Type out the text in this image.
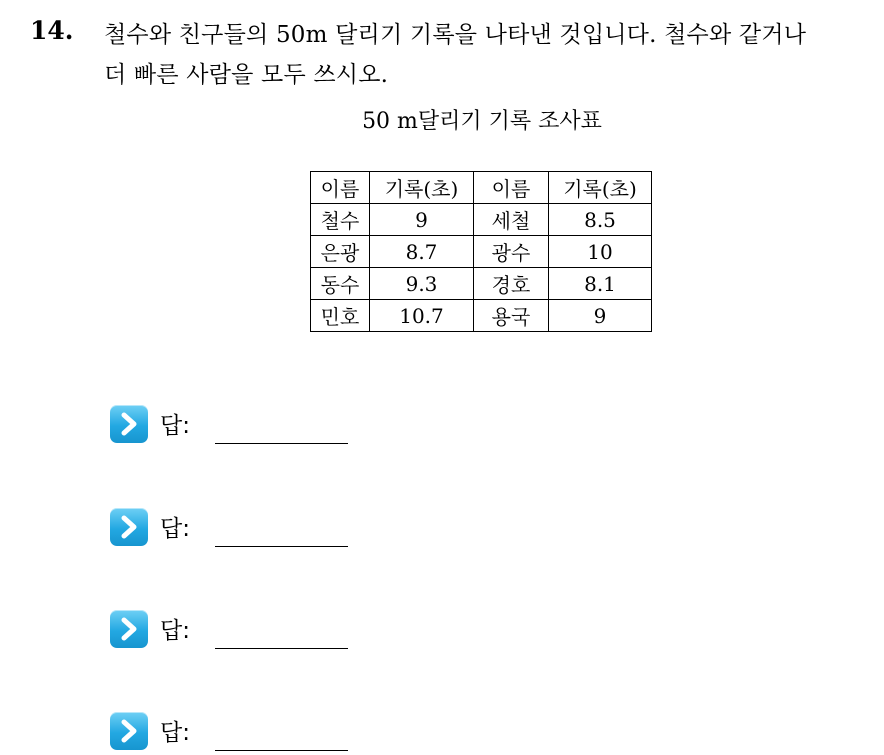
14. 철수와 친구들의 50m 달리기 기록을 나타낸 것입니다. 철수와 같거나
더 빠른 사람을 모두 쓰시오.
50 m달리기 기록 조사표
이름	기록(초)	이름	기록(초)
철수	9	세철	8.5
은광	8.7	광수	10
동수	9.3	경호	8.1
민호	10.7	용국	9
답:
답:
답:
답:
